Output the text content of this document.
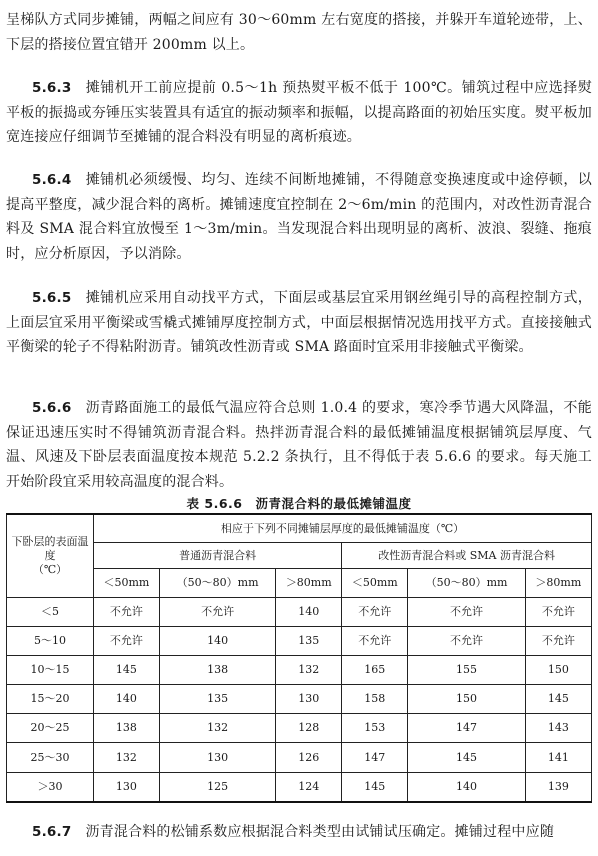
呈梯队方式同步摊铺，两幅之间应有 30～60mm 左右宽度的搭接，并躲开车道轮迹带，上、下层的搭接位置宜错开 200mm 以上。

5.6.3 摊铺机开工前应提前 0.5～1h 预热熨平板不低于 100℃。铺筑过程中应选择熨平板的振捣或夯锤压实装置具有适宜的振动频率和振幅，以提高路面的初始压实度。熨平板加宽连接应仔细调节至摊铺的混合料没有明显的离析痕迹。

5.6.4 摊铺机必须缓慢、均匀、连续不间断地摊铺，不得随意变换速度或中途停顿，以提高平整度，减少混合料的离析。摊铺速度宜控制在 2～6m/min 的范围内，对改性沥青混合料及 SMA 混合料宜放慢至 1～3m/min。当发现混合料出现明显的离析、波浪、裂缝、拖痕时，应分析原因，予以消除。

5.6.5 摊铺机应采用自动找平方式，下面层或基层宜采用钢丝绳引导的高程控制方式，上面层宜采用平衡梁或雪橇式摊铺厚度控制方式，中面层根据情况选用找平方式。直接接触式平衡梁的轮子不得粘附沥青。铺筑改性沥青或 SMA 路面时宜采用非接触式平衡梁。

5.6.6 沥青路面施工的最低气温应符合总则 1.0.4 的要求，寒冷季节遇大风降温，不能保证迅速压实时不得铺筑沥青混合料。热拌沥青混合料的最低摊铺温度根据铺筑层厚度、气温、风速及下卧层表面温度按本规范 5.2.2 条执行，且不得低于表 5.6.6 的要求。每天施工开始阶段宜采用较高温度的混合料。

表 5.6.6　沥青混合料的最低摊铺温度
下卧层的表面温度
（℃）	相应于下列不同摊铺层厚度的最低摊铺温度（℃）					
	普通沥青混合料			改性沥青混合料或 SMA 沥青混合料		
	＜50mm	（50～80）mm	＞80mm	＜50mm	（50～80）mm	＞80mm
＜5	不允许	不允许	140	不允许	不允许	不允许
5～10	不允许	140	135	不允许	不允许	不允许
10～15	145	138	132	165	155	150
15～20	140	135	130	158	150	145
20～25	138	132	128	153	147	143
25～30	132	130	126	147	145	141
＞30	130	125	124	145	140	139

5.6.7 沥青混合料的松铺系数应根据混合料类型由试铺试压确定。摊铺过程中应随
